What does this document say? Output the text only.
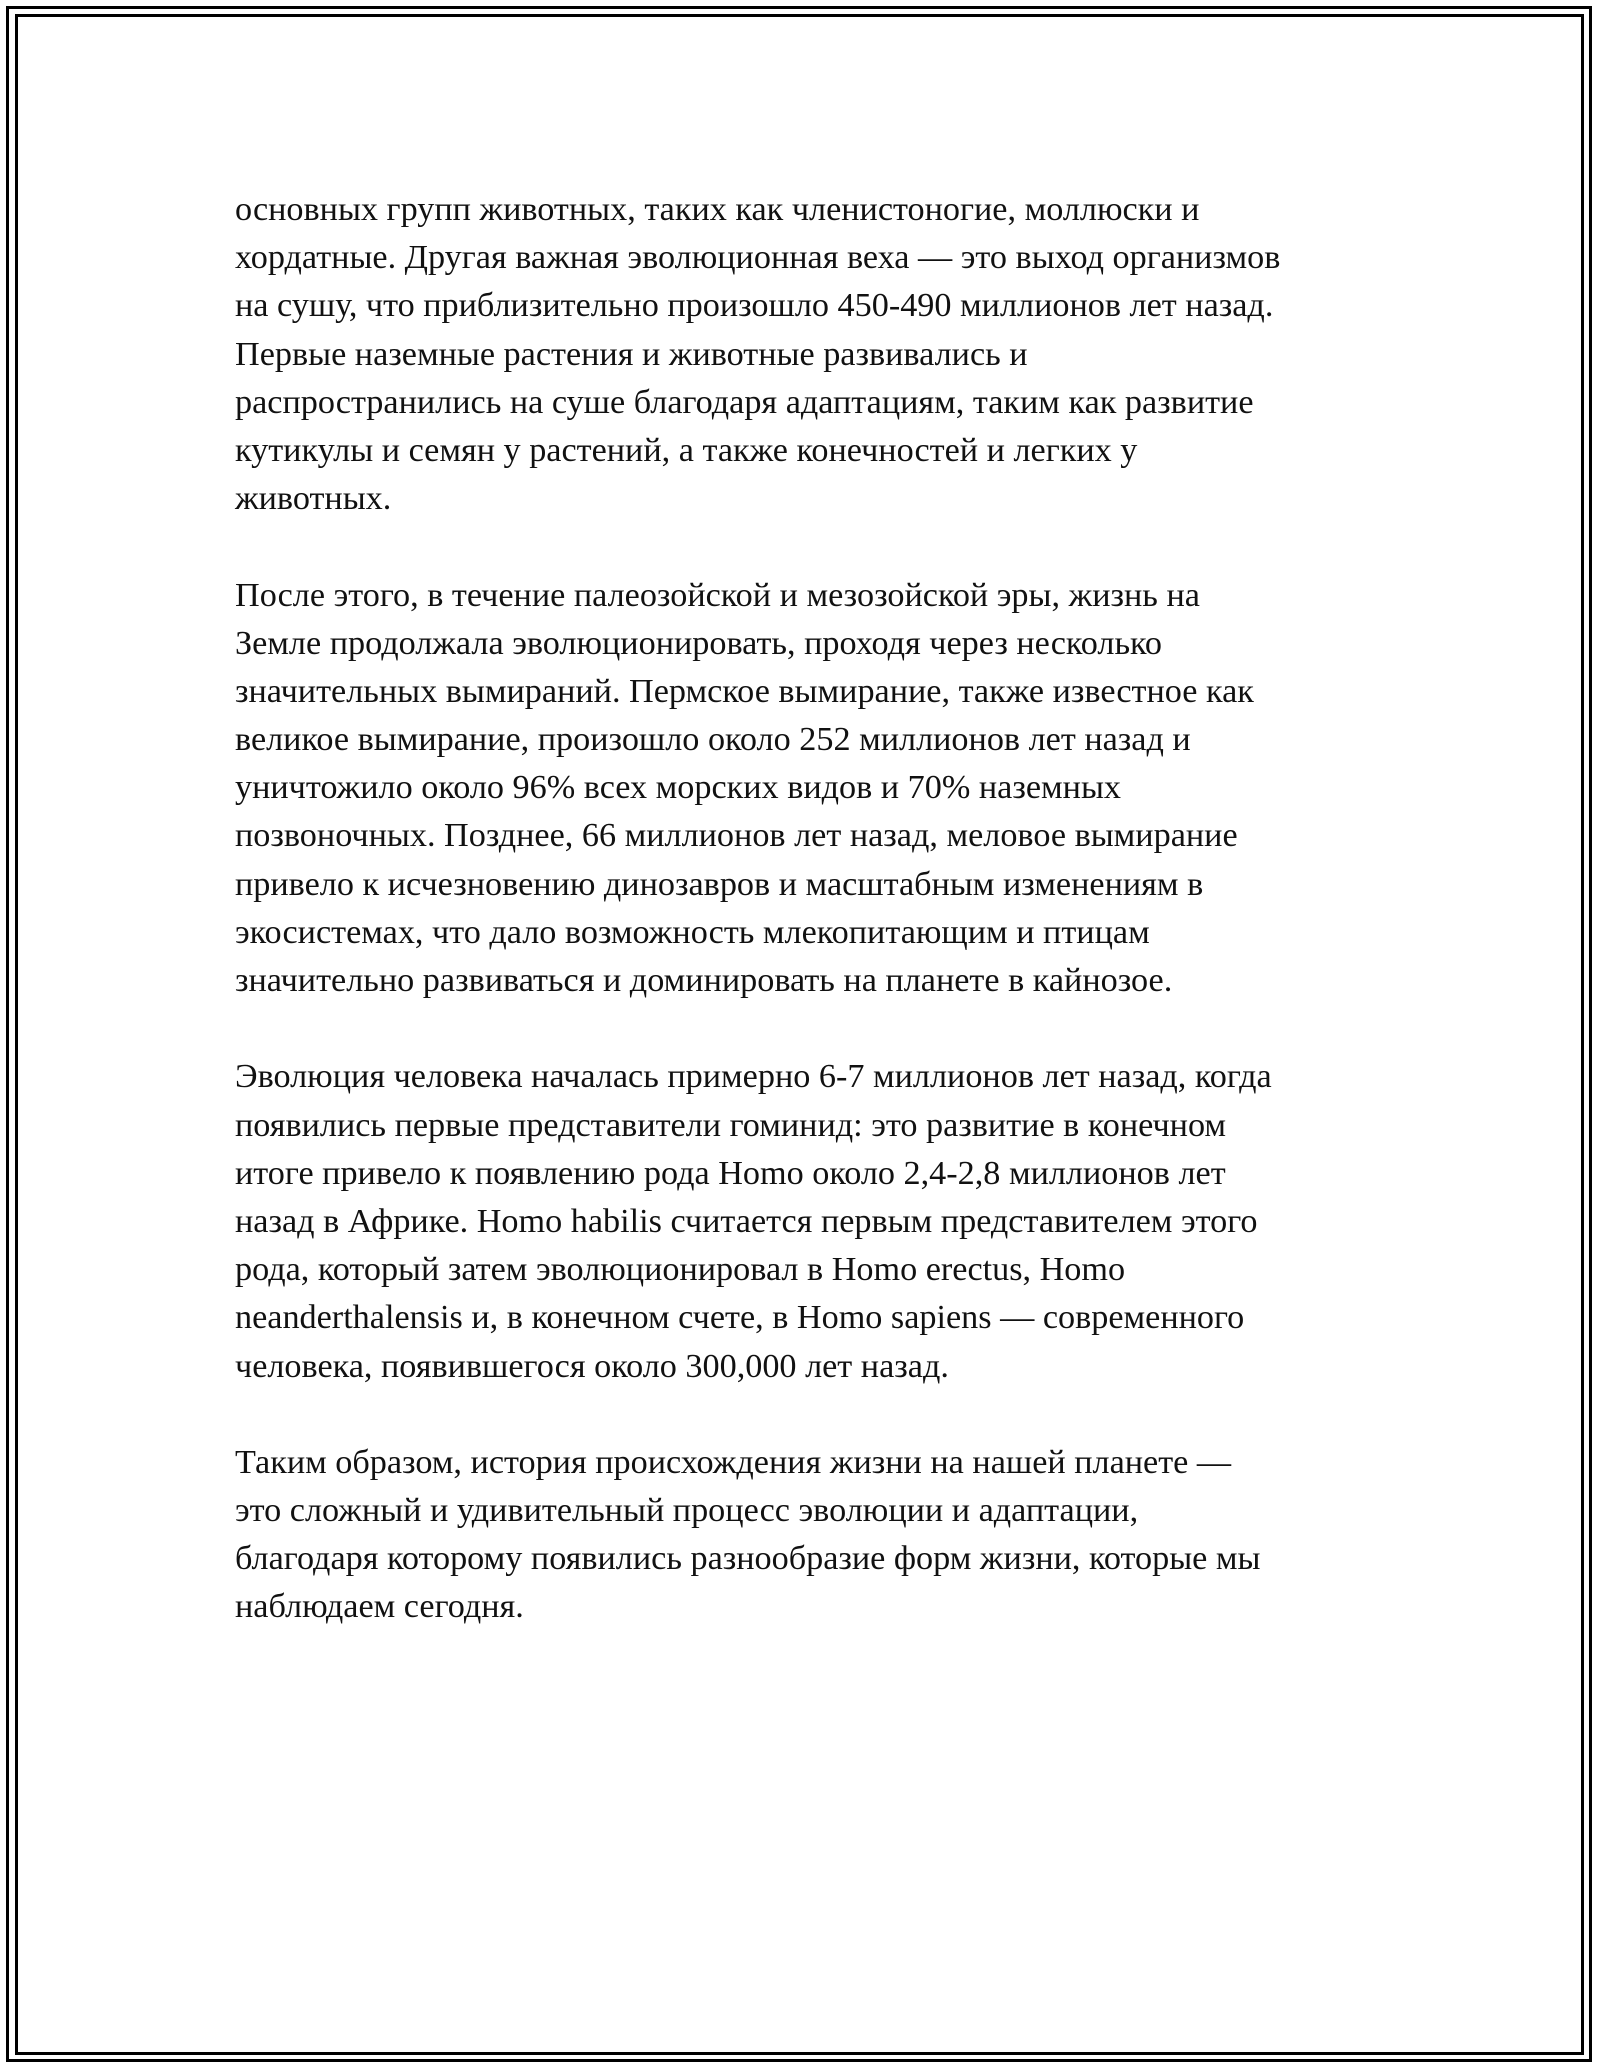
основных групп животных, таких как членистоногие, моллюски и
хордатные. Другая важная эволюционная веха — это выход организмов
на сушу, что приблизительно произошло 450-490 миллионов лет назад.
Первые наземные растения и животные развивались и
распространились на суше благодаря адаптациям, таким как развитие
кутикулы и семян у растений, а также конечностей и легких у
животных.

После этого, в течение палеозойской и мезозойской эры, жизнь на
Земле продолжала эволюционировать, проходя через несколько
значительных вымираний. Пермское вымирание, также известное как
великое вымирание, произошло около 252 миллионов лет назад и
уничтожило около 96% всех морских видов и 70% наземных
позвоночных. Позднее, 66 миллионов лет назад, меловое вымирание
привело к исчезновению динозавров и масштабным изменениям в
экосистемах, что дало возможность млекопитающим и птицам
значительно развиваться и доминировать на планете в кайнозое.

Эволюция человека началась примерно 6-7 миллионов лет назад, когда
появились первые представители гоминид: это развитие в конечном
итоге привело к появлению рода Homo около 2,4-2,8 миллионов лет
назад в Африке. Homo habilis считается первым представителем этого
рода, который затем эволюционировал в Homo erectus, Homo
neanderthalensis и, в конечном счете, в Homo sapiens — современного
человека, появившегося около 300,000 лет назад.

Таким образом, история происхождения жизни на нашей планете —
это сложный и удивительный процесс эволюции и адаптации,
благодаря которому появились разнообразие форм жизни, которые мы
наблюдаем сегодня.
